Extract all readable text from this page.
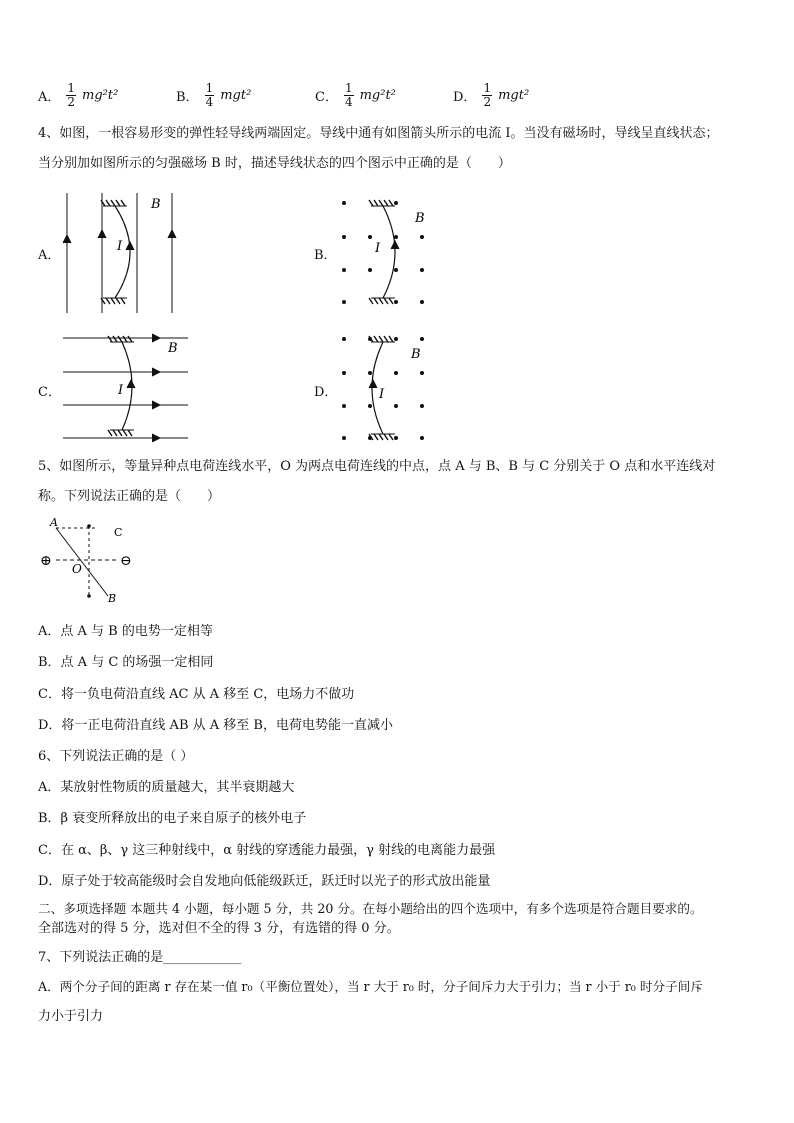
A． $\frac{1}{2} mg^2t^2$	B． $\frac{1}{4} mgt^2$	C． $\frac{1}{4} mg^2t^2$	D． $\frac{1}{2} mgt^2$
4、如图，一根容易形变的弹性轻导线两端固定。导线中通有如图箭头所示的电流 I。当没有磁场时，导线呈直线状态；
当分别加如图所示的匀强磁场 B 时，描述导线状态的四个图示中正确的是（　　）
A．	B．
C．	D．
I
B
I
B
I
B
I
B
5、如图所示，等量异种点电荷连线水平，O 为两点电荷连线的中点，点 A 与 B、B 与 C 分别关于 O 点和水平连线对
称。下列说法正确的是（　　）
⊕	⊖
A
C
O
B
A．点 A 与 B 的电势一定相等
B．点 A 与 C 的场强一定相同
C．将一负电荷沿直线 AC 从 A 移至 C，电场力不做功
D．将一正电荷沿直线 AB 从 A 移至 B，电荷电势能一直减小
6、下列说法正确的是（ ）
A．某放射性物质的质量越大，其半衰期越大
B．β 衰变所释放出的电子来自原子的核外电子
C．在 α、β、γ 这三种射线中，α 射线的穿透能力最强，γ 射线的电离能力最强
D．原子处于较高能级时会自发地向低能级跃迁，跃迁时以光子的形式放出能量
二、多项选择题 本题共 4 小题，每小题 5 分，共 20 分。在每小题给出的四个选项中，有多个选项是符合题目要求的。
全部选对的得 5 分，选对但不全的得 3 分，有选错的得 0 分。
7、下列说法正确的是____________
A．两个分子间的距离 r 存在某一值 r₀（平衡位置处），当 r 大于 r₀ 时，分子间斥力大于引力；当 r 小于 r₀ 时分子间斥
力小于引力
